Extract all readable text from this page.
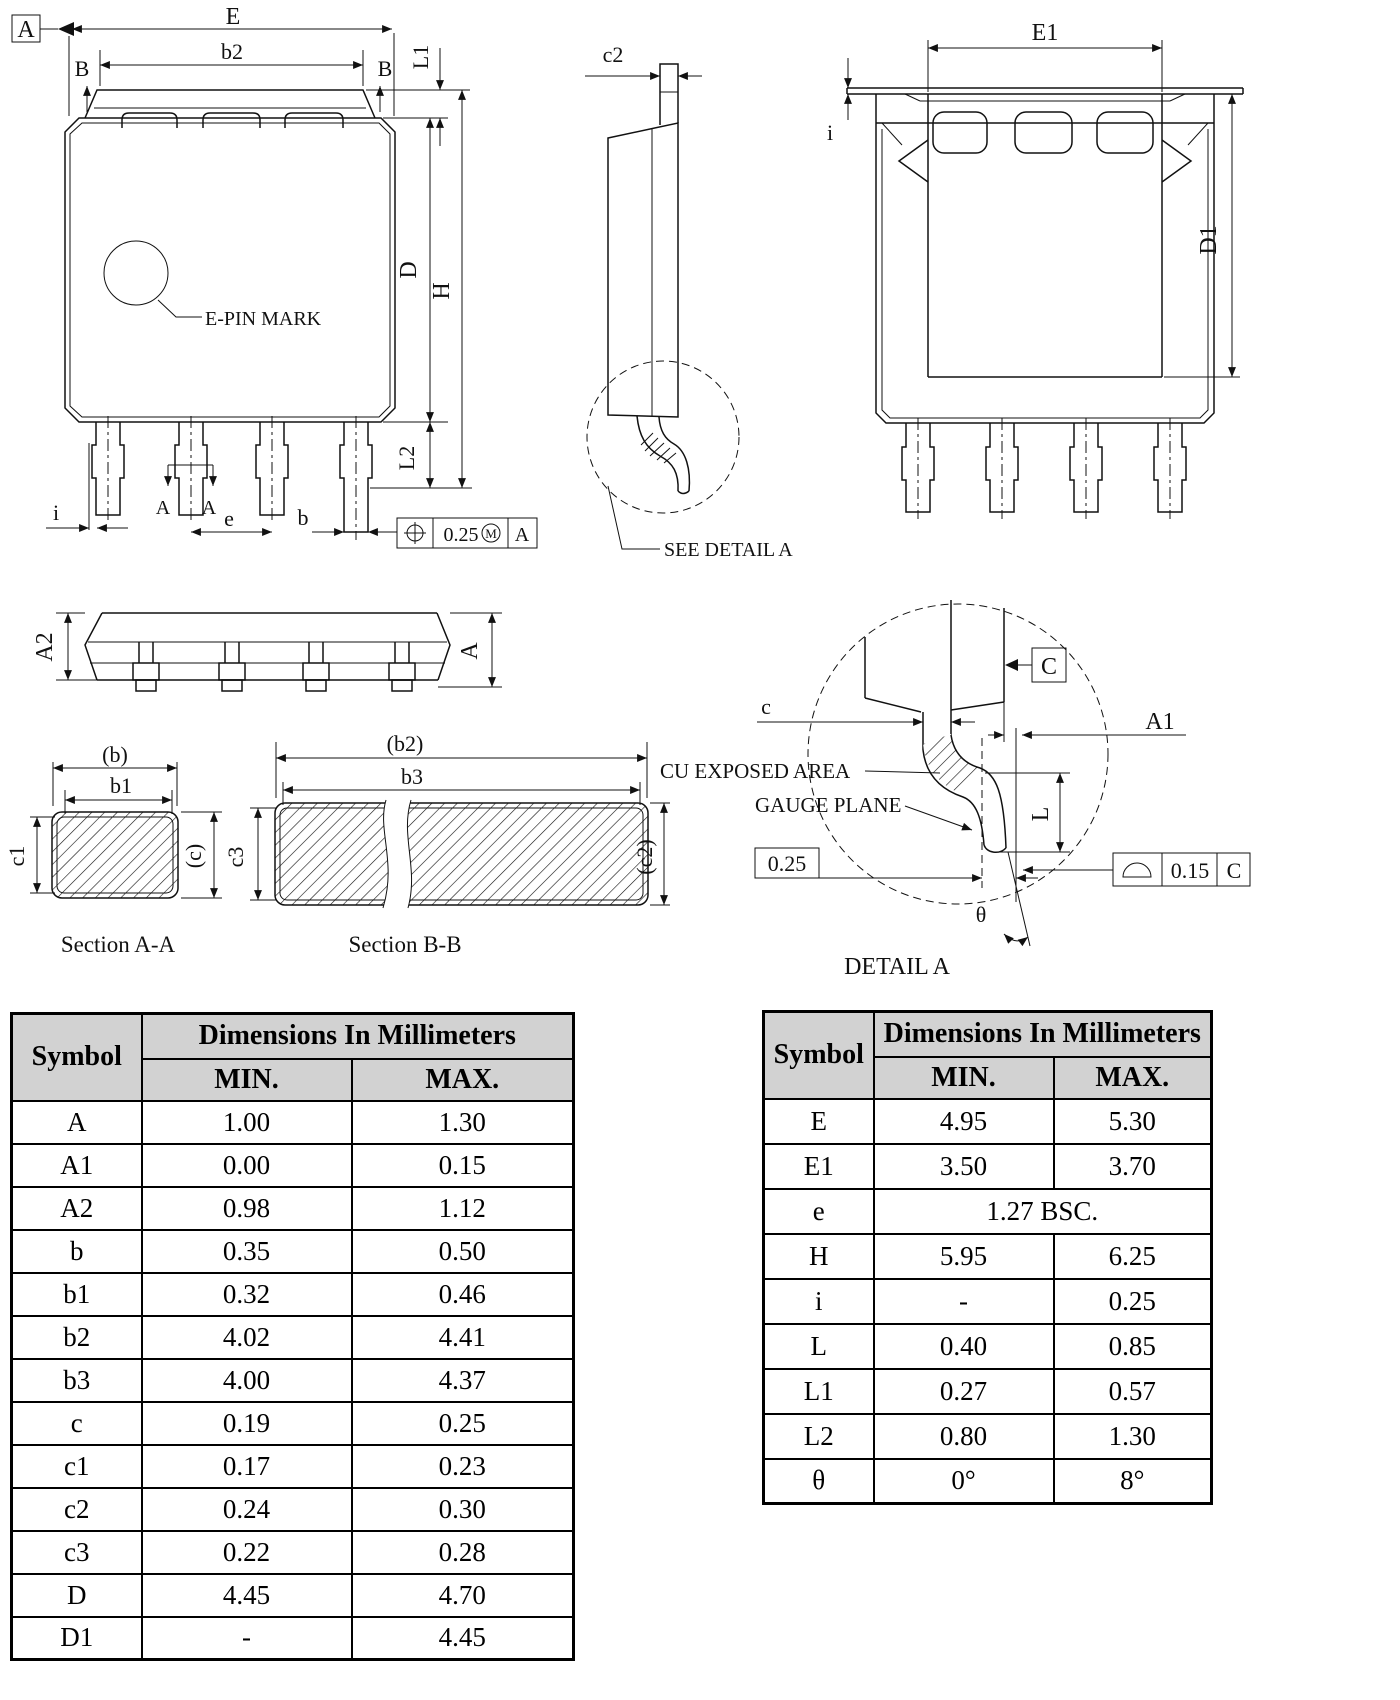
A	E
b2
B	B
E-PIN MARK
i	A A e	b
0.25 M A
L1
D
L2
H
c2
SEE DETAIL A
E1
i
D1
A2	A
(b)
b1
c1	(c)
Section A-A
(b2)
b3
c3	(c2)
Section B-B
θ
c
C
A1
L
0.25	0.15 C
CU EXPOSED AREA
GAUGE PLANE
DETAIL A
Symbol	Dimensions In Millimeters	
	MIN.	MAX.
A	1.00	1.30
A1	0.00	0.15
A2	0.98	1.12
b	0.35	0.50
b1	0.32	0.46
b2	4.02	4.41
b3	4.00	4.37
c	0.19	0.25
c1	0.17	0.23
c2	0.24	0.30
c3	0.22	0.28
D	4.45	4.70
D1	-	4.45
Symbol	Dimensions In Millimeters	
	MIN.	MAX.
E	4.95	5.30
E1	3.50	3.70
e	1.27 BSC.	
H	5.95	6.25
i	-	0.25
L	0.40	0.85
L1	0.27	0.57
L2	0.80	1.30
θ	0°	8°
